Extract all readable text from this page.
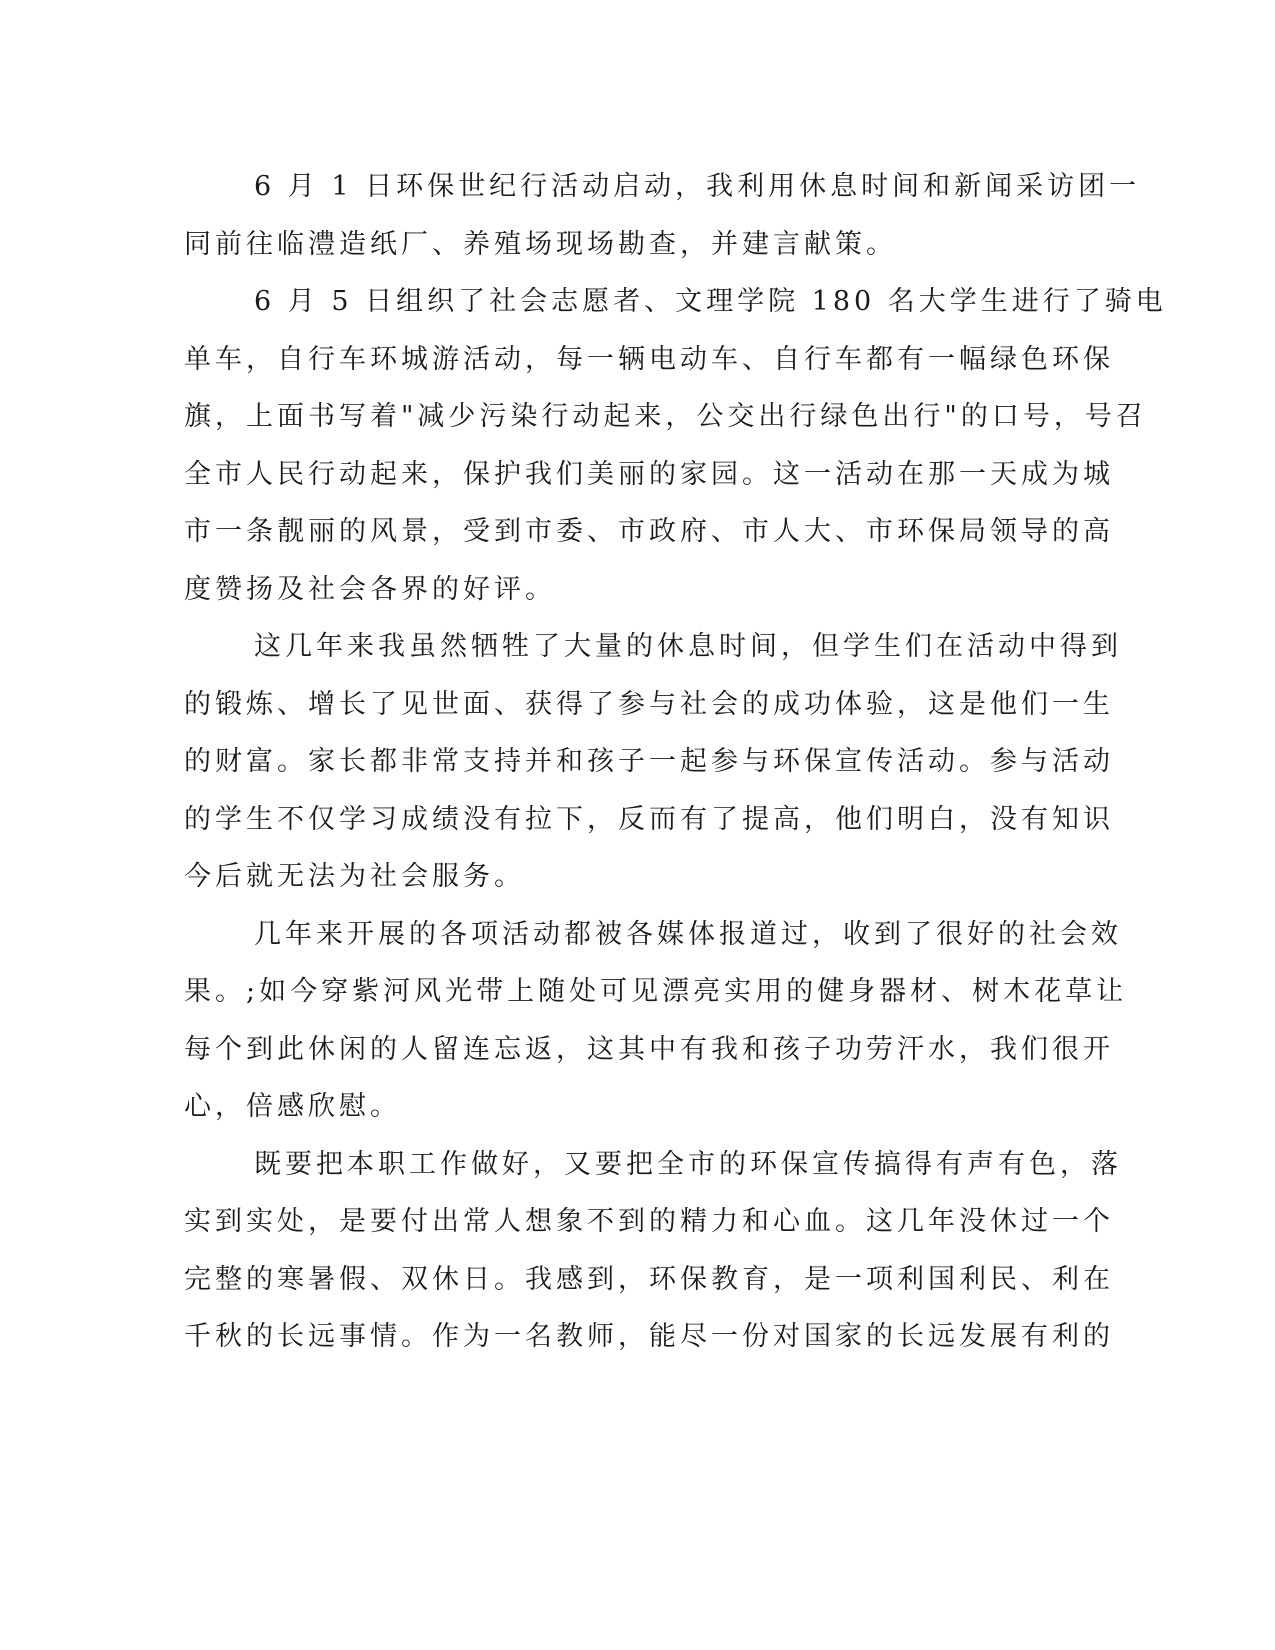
6 月 1 日环保世纪行活动启动，我利用休息时间和新闻采访团一
同前往临澧造纸厂、养殖场现场勘查，并建言献策。
6 月 5 日组织了社会志愿者、文理学院 180 名大学生进行了骑电
单车，自行车环城游活动，每一辆电动车、自行车都有一幅绿色环保
旗，上面书写着"减少污染行动起来，公交出行绿色出行"的口号，号召
全市人民行动起来，保护我们美丽的家园。这一活动在那一天成为城
市一条靓丽的风景，受到市委、市政府、市人大、市环保局领导的高
度赞扬及社会各界的好评。
这几年来我虽然牺牲了大量的休息时间，但学生们在活动中得到
的锻炼、增长了见世面、获得了参与社会的成功体验，这是他们一生
的财富。家长都非常支持并和孩子一起参与环保宣传活动。参与活动
的学生不仅学习成绩没有拉下，反而有了提高，他们明白，没有知识
今后就无法为社会服务。
几年来开展的各项活动都被各媒体报道过，收到了很好的社会效
果。;如今穿紫河风光带上随处可见漂亮实用的健身器材、树木花草让
每个到此休闲的人留连忘返，这其中有我和孩子功劳汗水，我们很开
心，倍感欣慰。
既要把本职工作做好，又要把全市的环保宣传搞得有声有色，落
实到实处，是要付出常人想象不到的精力和心血。这几年没休过一个
完整的寒暑假、双休日。我感到，环保教育，是一项利国利民、利在
千秋的长远事情。作为一名教师，能尽一份对国家的长远发展有利的
